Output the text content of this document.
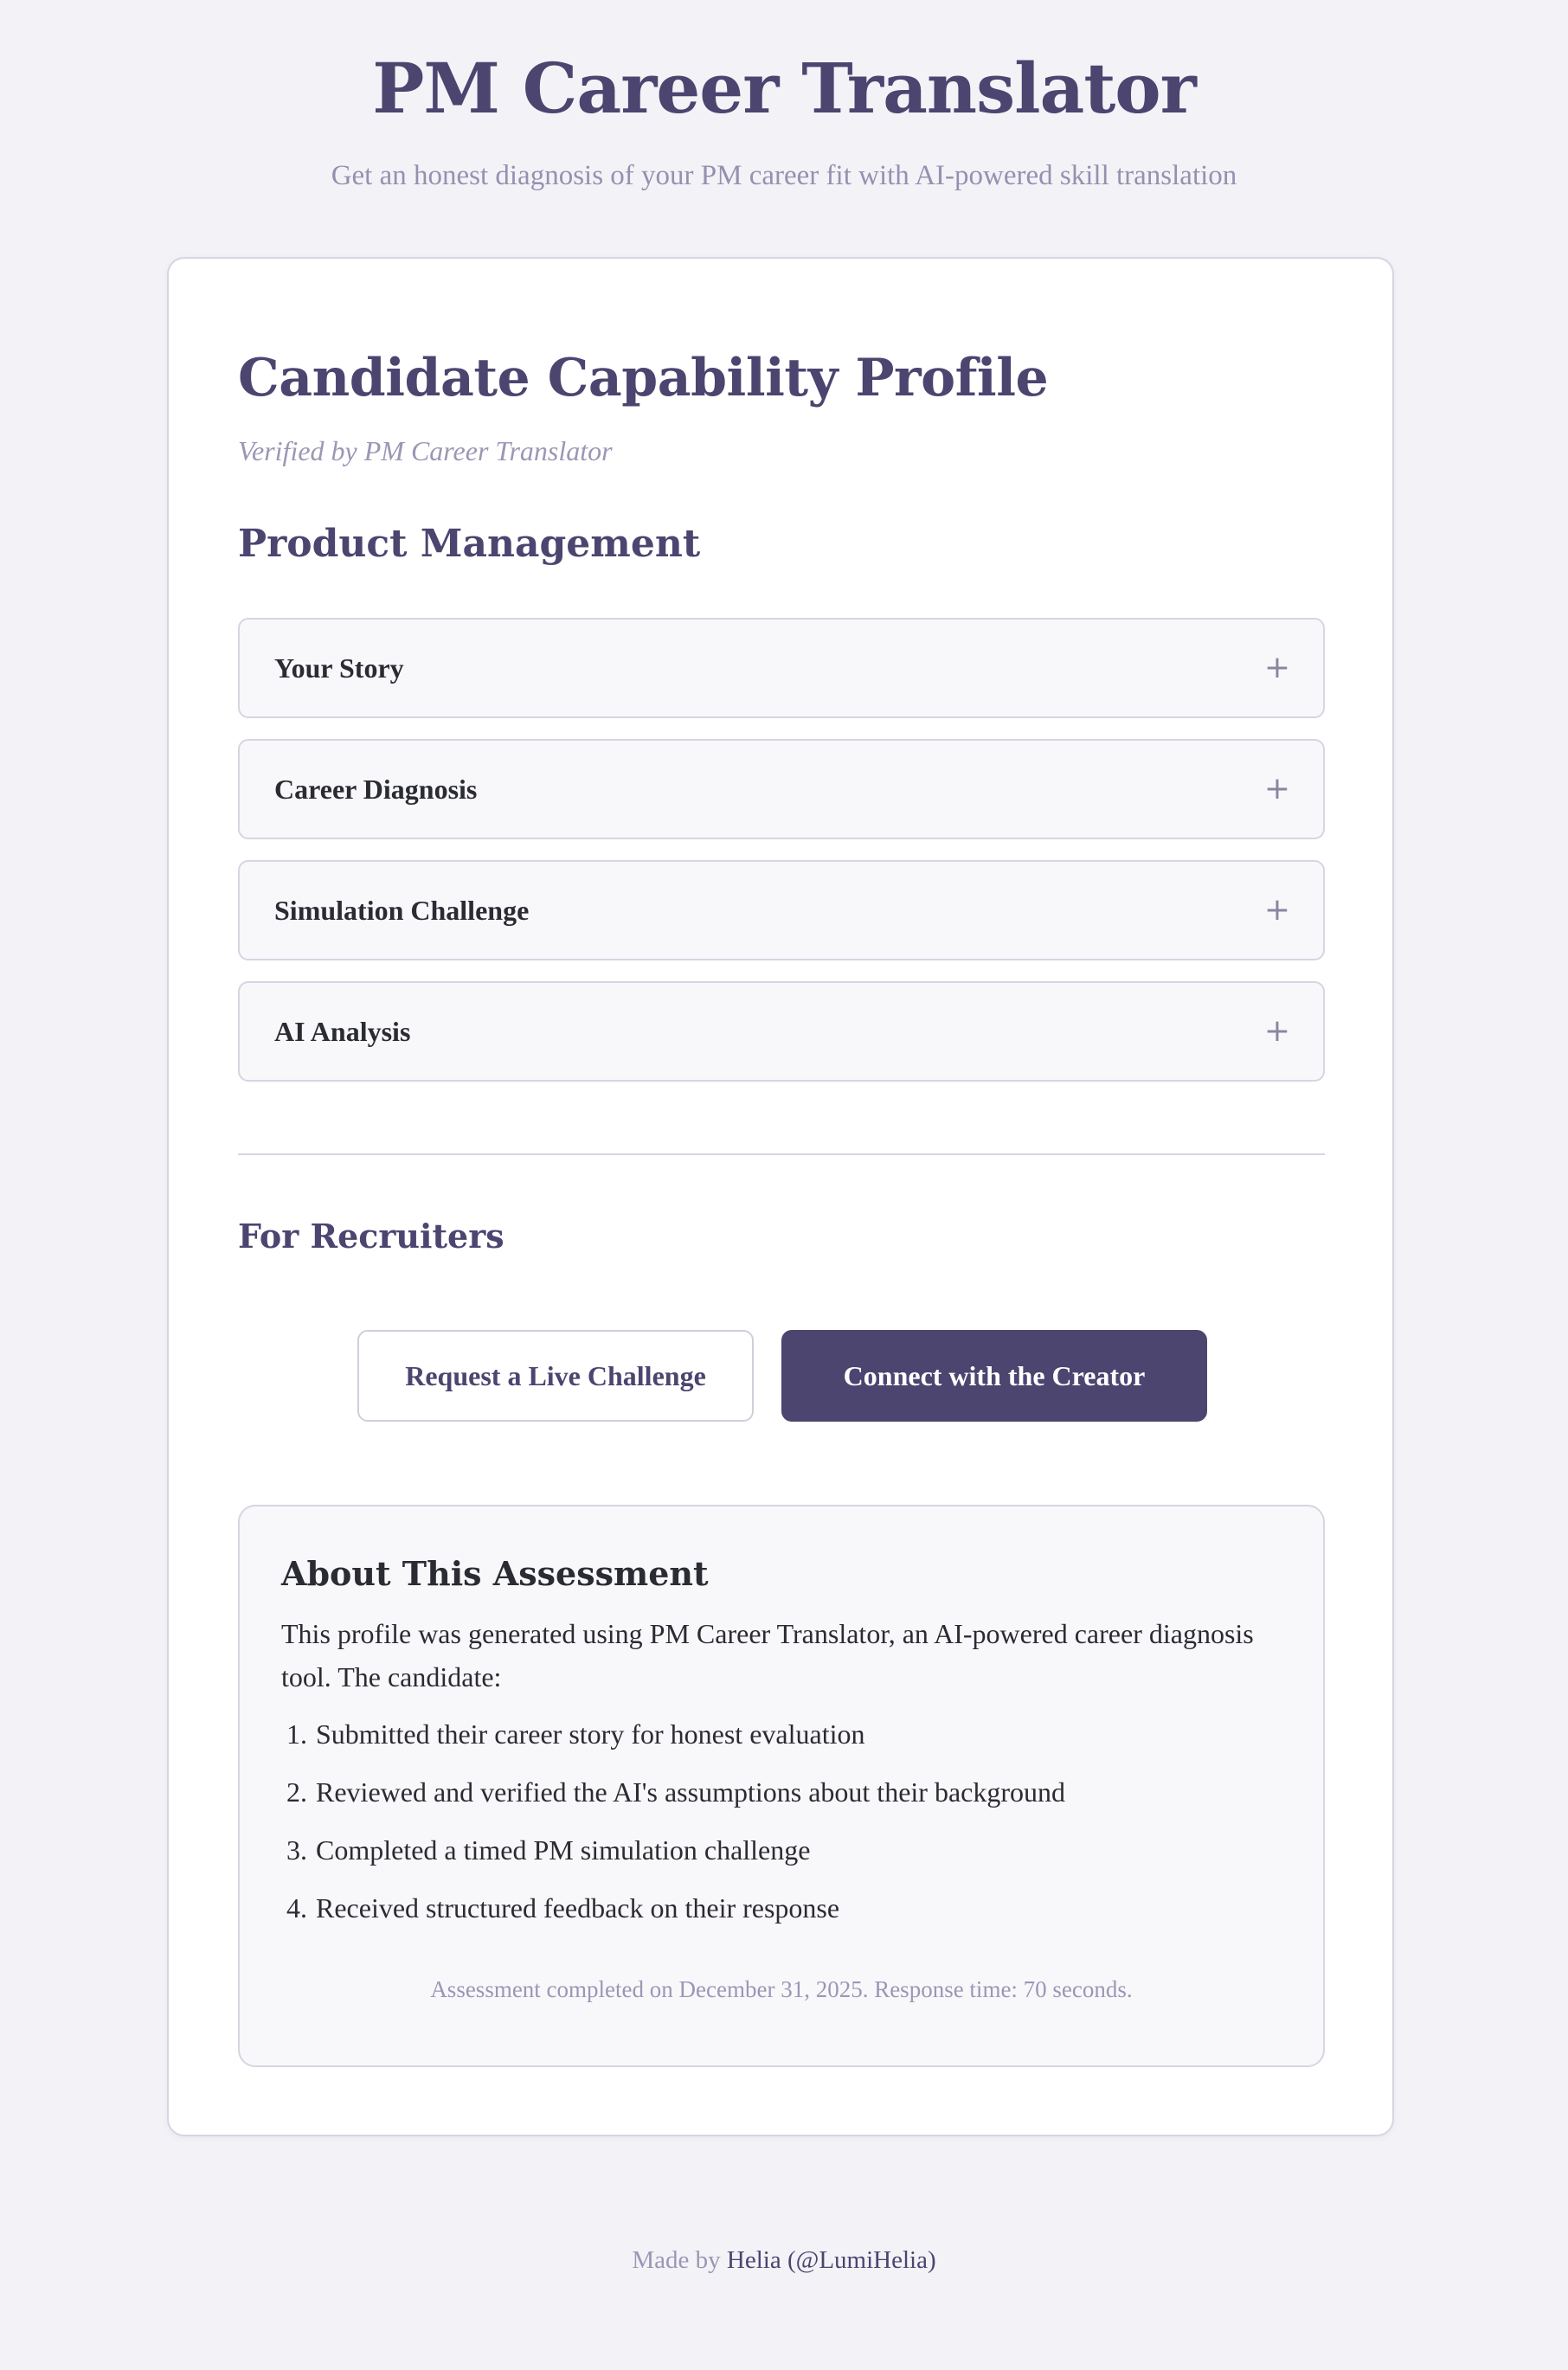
PM Career Translator

Get an honest diagnosis of your PM career fit with AI-powered skill translation

Candidate Capability Profile

Verified by PM Career Translator

Product Management
Your Story	+
Career Diagnosis	+
Simulation Challenge	+
AI Analysis	+
For Recruiters
Request a Live Challenge	Connect with the Creator
About This Assessment

This profile was generated using PM Career Translator, an AI-powered career diagnosis tool. The candidate:

1. Submitted their career story for honest evaluation
2. Reviewed and verified the AI's assumptions about their background
3. Completed a timed PM simulation challenge
4. Received structured feedback on their response

Assessment completed on December 31, 2025. Response time: 70 seconds.

Made by Helia (@LumiHelia)
